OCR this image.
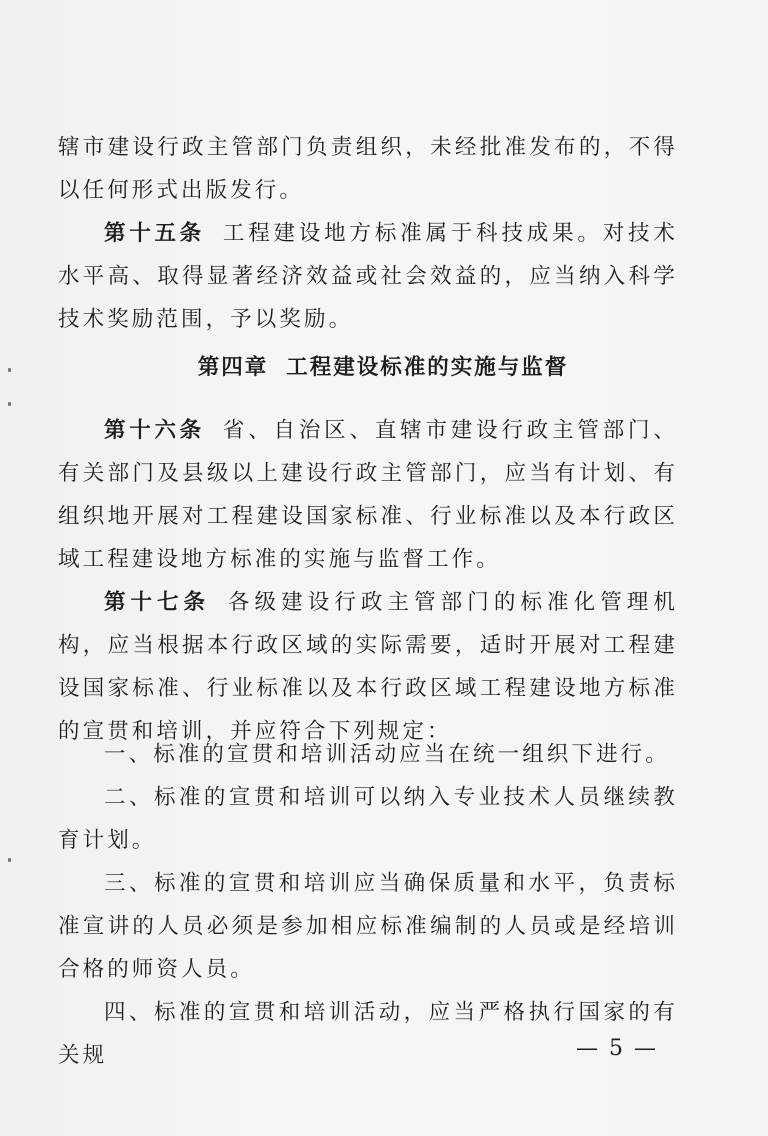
辖市建设行政主管部门负责组织，未经批准发布的，不得以任何形式出版发行。

第十五条 工程建设地方标准属于科技成果。对技术水平高、取得显著经济效益或社会效益的，应当纳入科学技术奖励范围，予以奖励。

第四章 工程建设标准的实施与监督

第十六条 省、自治区、直辖市建设行政主管部门、有关部门及县级以上建设行政主管部门，应当有计划、有组织地开展对工程建设国家标准、行业标准以及本行政区域工程建设地方标准的实施与监督工作。

第十七条 各级建设行政主管部门的标准化管理机构，应当根据本行政区域的实际需要，适时开展对工程建设国家标准、行业标准以及本行政区域工程建设地方标准的宣贯和培训，并应符合下列规定：

一、标准的宣贯和培训活动应当在统一组织下进行。

二、标准的宣贯和培训可以纳入专业技术人员继续教育计划。

三、标准的宣贯和培训应当确保质量和水平，负责标准宣讲的人员必须是参加相应标准编制的人员或是经培训合格的师资人员。

四、标准的宣贯和培训活动，应当严格执行国家的有关规	— 5 —
